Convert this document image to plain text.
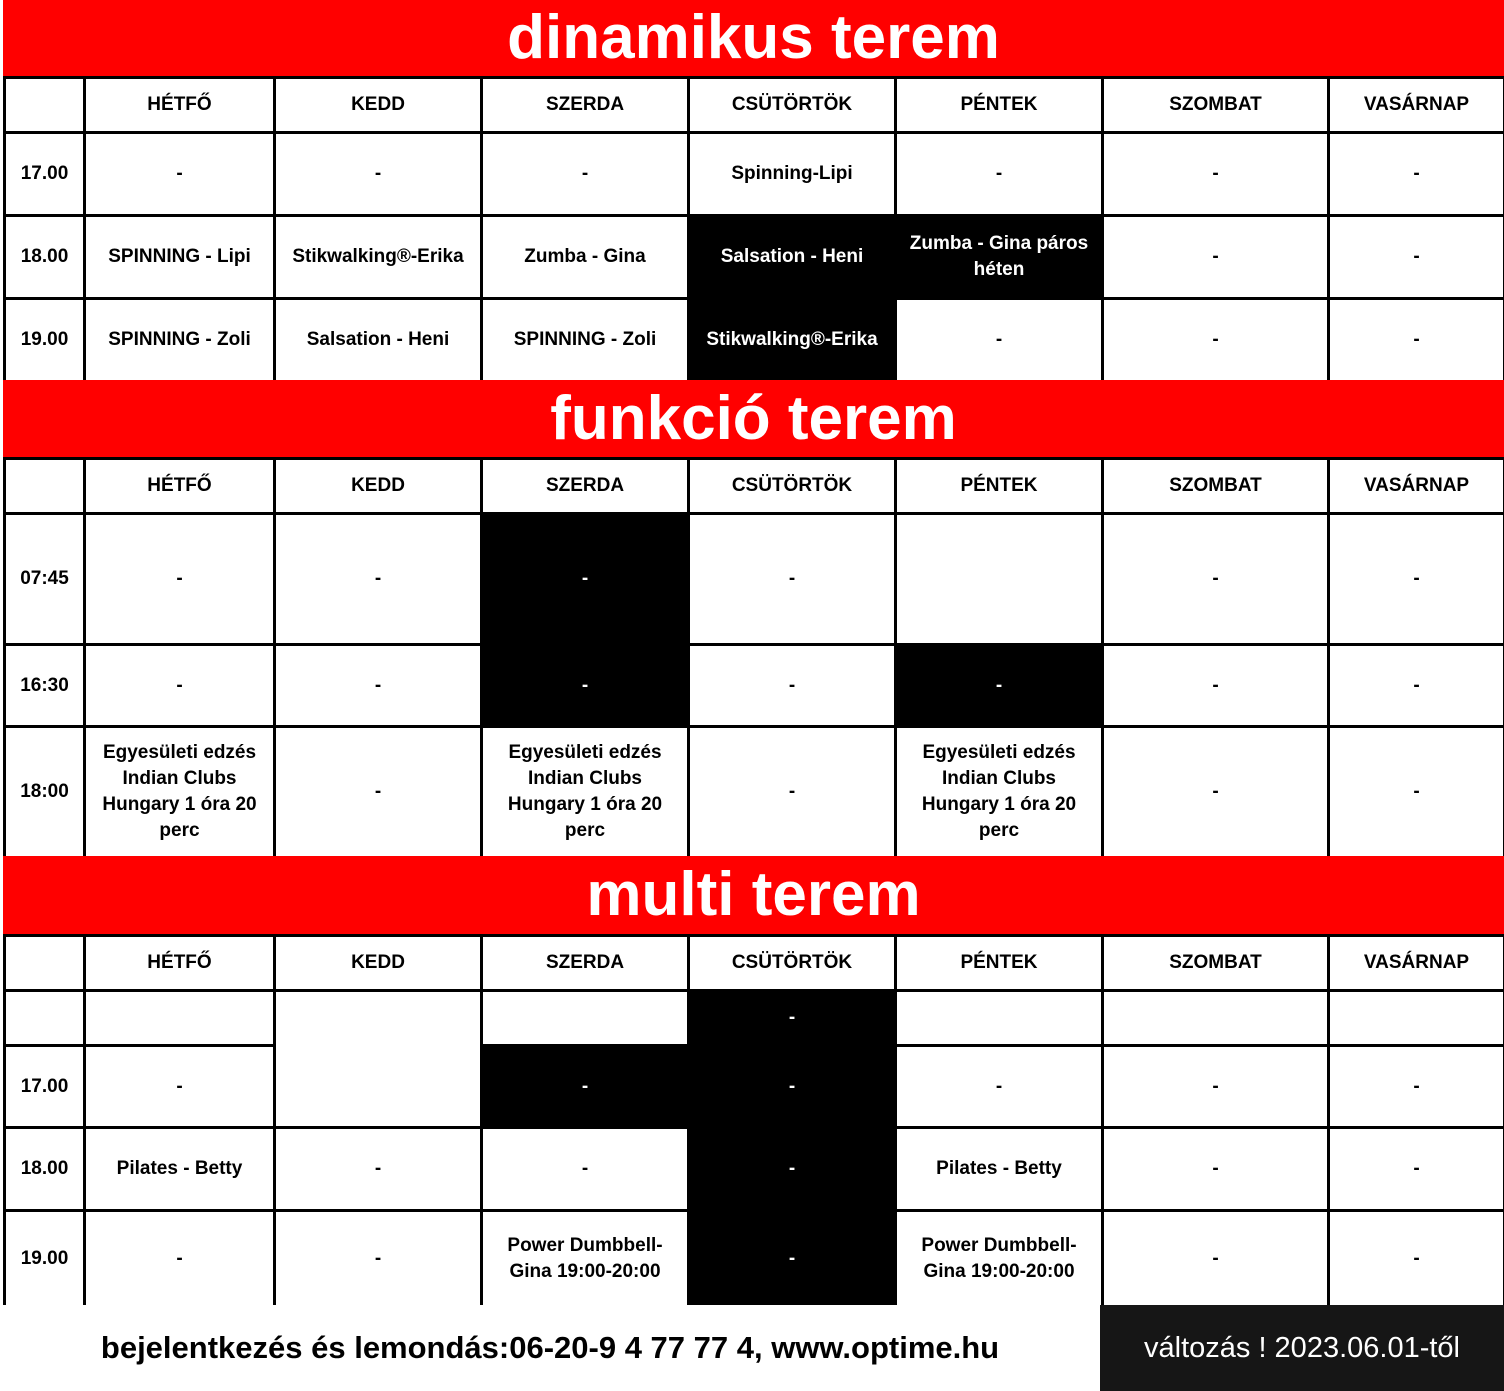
dinamikus terem
	HÉTFŐ	KEDD	SZERDA	CSÜTÖRTÖK	PÉNTEK	SZOMBAT	VASÁRNAP
17.00	-	-	-	Spinning-Lipi	-	-	-
18.00	SPINNING - Lipi	Stikwalking®-Erika	Zumba - Gina	Salsation - Heni	Zumba - Gina páros héten	-	-
19.00	SPINNING - Zoli	Salsation - Heni	SPINNING - Zoli	Stikwalking®-Erika	-	-	-
funkció terem
	HÉTFŐ	KEDD	SZERDA	CSÜTÖRTÖK	PÉNTEK	SZOMBAT	VASÁRNAP
07:45	-	-	-	-		-	-
16:30	-	-	-	-	-	-	-
18:00	Egyesületi edzés Indian Clubs Hungary 1 óra 20 perc	-	Egyesületi edzés Indian Clubs Hungary 1 óra 20 perc	-	Egyesületi edzés Indian Clubs Hungary 1 óra 20 perc	-	-
multi terem
	HÉTFŐ	KEDD	SZERDA	CSÜTÖRTÖK	PÉNTEK	SZOMBAT	VASÁRNAP
				-			
17.00	-		-	-	-	-	-
18.00	Pilates - Betty	-	-	-	Pilates - Betty	-	-
19.00	-	-	Power Dumbbell-Gina 19:00-20:00	-	Power Dumbbell-Gina 19:00-20:00	-	-
bejelentkezés és lemondás:06-20-9 4 77 77 4, www.optime.hu	változás ! 2023.06.01-től
